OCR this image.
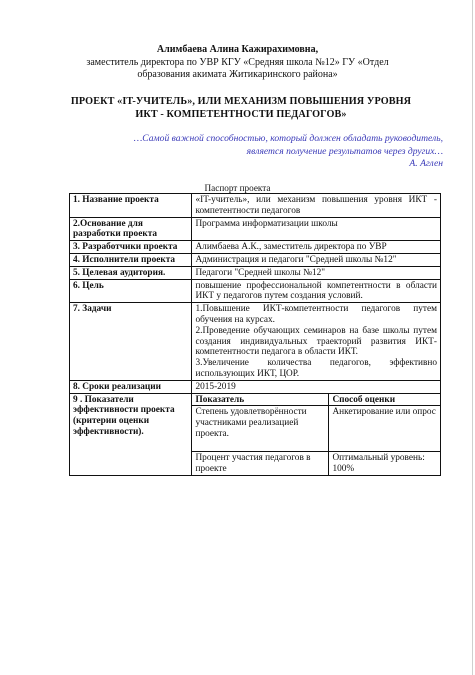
Алимбаева Алина Кажирахимовна,
заместитель директора по УВР КГУ «Средняя школа №12» ГУ «Отдел
образования акимата Житикаринского района»
ПРОЕКТ «IT-УЧИТЕЛЬ», ИЛИ МЕХАНИЗМ ПОВЫШЕНИЯ УРОВНЯ
ИКТ - КОМПЕТЕНТНОСТИ ПЕДАГОГОВ»
…Самой важной способностью, который должен обладать руководитель,
является получение результатов через других…
А. Аглен
Паспорт проекта
1. Название проекта	«IT-учитель», или механизм повышения уровня ИКТ - компетентности педагогов	
2.Основание для разработки проекта	Программа информатизации школы	
3. Разработчики проекта	Алимбаева А.К., заместитель директора по УВР	
4. Исполнители проекта	Администрация и педагоги "Средней школы №12"	
5. Целевая аудитория.	Педагоги "Средней школы №12"	
6. Цель	повышение профессиональной компетентности в области ИКТ у педагогов путем создания условий.	
7. Задачи	1.Повышение ИКТ-компетентности педагогов путем обучения на курсах.
2.Проведение обучающих семинаров на базе школы путем создания индивидуальных траекторий развития ИКТ-компетентности педагога в области ИКТ.
3.Увеличение количества педагогов, эффективно использующих ИКТ, ЦОР.	

8. Сроки реализации	2015-2019	
9 . Показатели эффективности проекта (критерии оценки эффективности).	Показатель	Способ оценки
	Степень удовлетворённости участниками реализацией проекта.	Анкетирование или опрос
	Процент участия педагогов в проекте	Оптимальный уровень: 100%
